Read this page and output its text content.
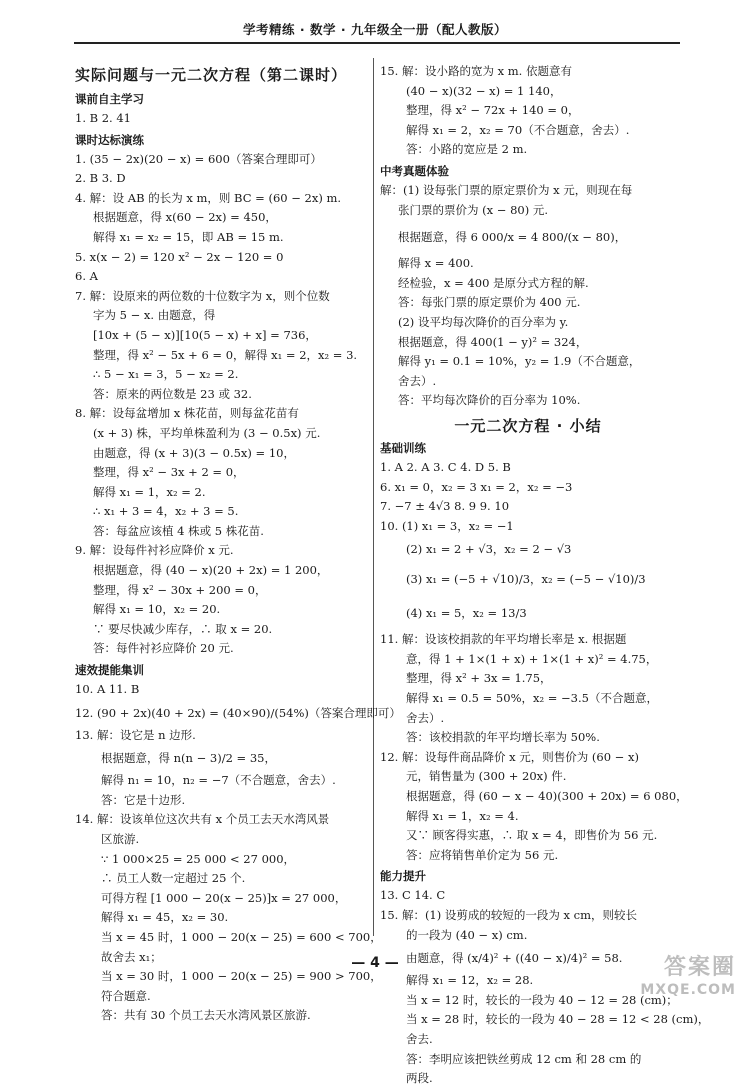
学考精练 · 数学 · 九年级全一册（配人教版）
实际问题与一元二次方程（第二课时）
课前自主学习
1. B 2. 41
课时达标演练
1. (35 − 2x)(20 − x) = 600（答案合理即可）
2. B 3. D
4. 解：设 AB 的长为 x m，则 BC = (60 − 2x) m.
根据题意，得 x(60 − 2x) = 450，
解得 x₁ = x₂ = 15，即 AB = 15 m.
5. x(x − 2) = 120 x² − 2x − 120 = 0
6. A
7. 解：设原来的两位数的十位数字为 x，则个位数
字为 5 − x. 由题意，得
[10x + (5 − x)][10(5 − x) + x] = 736，
整理，得 x² − 5x + 6 = 0，解得 x₁ = 2，x₂ = 3.
∴ 5 − x₁ = 3，5 − x₂ = 2.
答：原来的两位数是 23 或 32.
8. 解：设每盆增加 x 株花苗，则每盆花苗有
(x + 3) 株，平均单株盈利为 (3 − 0.5x) 元.
由题意，得 (x + 3)(3 − 0.5x) = 10，
整理，得 x² − 3x + 2 = 0，
解得 x₁ = 1，x₂ = 2.
∴ x₁ + 3 = 4，x₂ + 3 = 5.
答：每盆应该植 4 株或 5 株花苗.
9. 解：设每件衬衫应降价 x 元.
根据题意，得 (40 − x)(20 + 2x) = 1 200，
整理，得 x² − 30x + 200 = 0，
解得 x₁ = 10，x₂ = 20.
∵ 要尽快减少库存，∴ 取 x = 20.
答：每件衬衫应降价 20 元.
速效提能集训
10. A 11. B
12. (90 + 2x)(40 + 2x) = (40×90)/(54%)（答案合理即可）
13. 解：设它是 n 边形.
根据题意，得 n(n − 3)/2 = 35，
解得 n₁ = 10，n₂ = −7（不合题意，舍去）.
答：它是十边形.
14. 解：设该单位这次共有 x 个员工去天水湾风景
区旅游.
∵ 1 000×25 = 25 000 < 27 000，
∴ 员工人数一定超过 25 个.
可得方程 [1 000 − 20(x − 25)]x = 27 000，
解得 x₁ = 45，x₂ = 30.
当 x = 45 时，1 000 − 20(x − 25) = 600 < 700，
故舍去 x₁；
当 x = 30 时，1 000 − 20(x − 25) = 900 > 700，
符合题意.
答：共有 30 个员工去天水湾风景区旅游.
15. 解：设小路的宽为 x m. 依题意有
(40 − x)(32 − x) = 1 140，
整理，得 x² − 72x + 140 = 0，
解得 x₁ = 2，x₂ = 70（不合题意，舍去）.
答：小路的宽应是 2 m.
中考真题体验
解：(1) 设每张门票的原定票价为 x 元，则现在每
张门票的票价为 (x − 80) 元.
根据题意，得 6 000/x = 4 800/(x − 80)，
解得 x = 400.
经检验，x = 400 是原分式方程的解.
答：每张门票的原定票价为 400 元.
(2) 设平均每次降价的百分率为 y.
根据题意，得 400(1 − y)² = 324，
解得 y₁ = 0.1 = 10%，y₂ = 1.9（不合题意，
舍去）.
答：平均每次降价的百分率为 10%.
一元二次方程 · 小结
基础训练
1. A 2. A 3. C 4. D 5. B
6. x₁ = 0，x₂ = 3 x₁ = 2，x₂ = −3
7. −7 ± 4√3 8. 9 9. 10
10. (1) x₁ = 3，x₂ = −1
(2) x₁ = 2 + √3，x₂ = 2 − √3
(3) x₁ = (−5 + √10)/3，x₂ = (−5 − √10)/3
(4) x₁ = 5，x₂ = 13/3
11. 解：设该校捐款的年平均增长率是 x. 根据题
意，得 1 + 1×(1 + x) + 1×(1 + x)² = 4.75，
整理，得 x² + 3x = 1.75，
解得 x₁ = 0.5 = 50%，x₂ = −3.5（不合题意，
舍去）.
答：该校捐款的年平均增长率为 50%.
12. 解：设每件商品降价 x 元，则售价为 (60 − x)
元，销售量为 (300 + 20x) 件.
根据题意，得 (60 − x − 40)(300 + 20x) = 6 080，
解得 x₁ = 1，x₂ = 4.
又∵ 顾客得实惠，∴ 取 x = 4，即售价为 56 元.
答：应将销售单价定为 56 元.
能力提升
13. C 14. C
15. 解：(1) 设剪成的较短的一段为 x cm，则较长
的一段为 (40 − x) cm.
由题意，得 (x/4)² + ((40 − x)/4)² = 58.
解得 x₁ = 12，x₂ = 28.
当 x = 12 时，较长的一段为 40 − 12 = 28 (cm)；
当 x = 28 时，较长的一段为 40 − 28 = 12 < 28 (cm)，
舍去.
答：李明应该把铁丝剪成 12 cm 和 28 cm 的
两段.
— 4 —	答案圈
MXQE.COM
